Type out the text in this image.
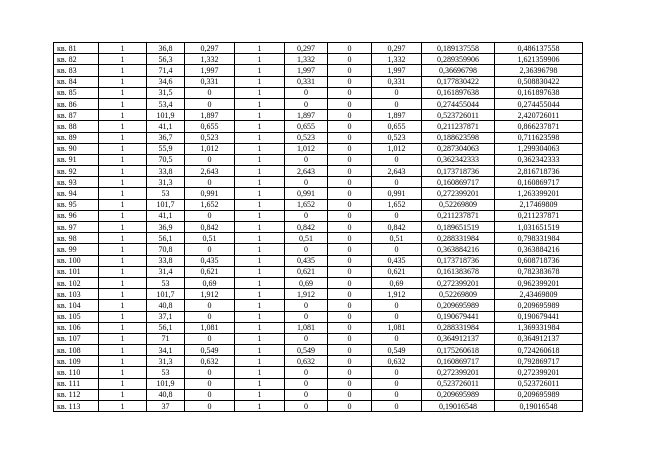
кв. 81	1	36,8	0,297	1	0,297	0	0,297	0,189137558	0,486137558
кв. 82	1	56,3	1,332	1	1,332	0	1,332	0,289359906	1,621359906
кв. 83	1	71,4	1,997	1	1,997	0	1,997	0,36696798	2,36396798
кв. 84	1	34,6	0,331	1	0,331	0	0,331	0,177830422	0,508830422
кв. 85	1	31,5	0	1	0	0	0	0,161897638	0,161897638
кв. 86	1	53,4	0	1	0	0	0	0,274455044	0,274455044
кв. 87	1	101,9	1,897	1	1,897	0	1,897	0,523726011	2,420726011
кв. 88	1	41,1	0,655	1	0,655	0	0,655	0,211237871	0,866237871
кв. 89	1	36,7	0,523	1	0,523	0	0,523	0,188623598	0,711623598
кв. 90	1	55,9	1,012	1	1,012	0	1,012	0,287304063	1,299304063
кв. 91	1	70,5	0	1	0	0	0	0,362342333	0,362342333
кв. 92	1	33,8	2,643	1	2,643	0	2,643	0,173718736	2,816718736
кв. 93	1	31,3	0	1	0	0	0	0,160869717	0,160869717
кв. 94	1	53	0,991	1	0,991	0	0,991	0,272399201	1,263399201
кв. 95	1	101,7	1,652	1	1,652	0	1,652	0,52269809	2,17469809
кв. 96	1	41,1	0	1	0	0	0	0,211237871	0,211237871
кв. 97	1	36,9	0,842	1	0,842	0	0,842	0,189651519	1,031651519
кв. 98	1	56,1	0,51	1	0,51	0	0,51	0,288331984	0,798331984
кв. 99	1	70,8	0	1	0	0	0	0,363884216	0,363884216
кв. 100	1	33,8	0,435	1	0,435	0	0,435	0,173718736	0,608718736
кв. 101	1	31,4	0,621	1	0,621	0	0,621	0,161383678	0,782383678
кв. 102	1	53	0,69	1	0,69	0	0,69	0,272399201	0,962399201
кв. 103	1	101,7	1,912	1	1,912	0	1,912	0,52269809	2,43469809
кв. 104	1	40,8	0	1	0	0	0	0,209695989	0,209695989
кв. 105	1	37,1	0	1	0	0	0	0,190679441	0,190679441
кв. 106	1	56,1	1,081	1	1,081	0	1,081	0,288331984	1,369331984
кв. 107	1	71	0	1	0	0	0	0,364912137	0,364912137
кв. 108	1	34,1	0,549	1	0,549	0	0,549	0,175260618	0,724260618
кв. 109	1	31,3	0,632	1	0,632	0	0,632	0,160869717	0,792869717
кв. 110	1	53	0	1	0	0	0	0,272399201	0,272399201
кв. 111	1	101,9	0	1	0	0	0	0,523726011	0,523726011
кв. 112	1	40,8	0	1	0	0	0	0,209695989	0,209695989
кв. 113	1	37	0	1	0	0	0	0,19016548	0,19016548
